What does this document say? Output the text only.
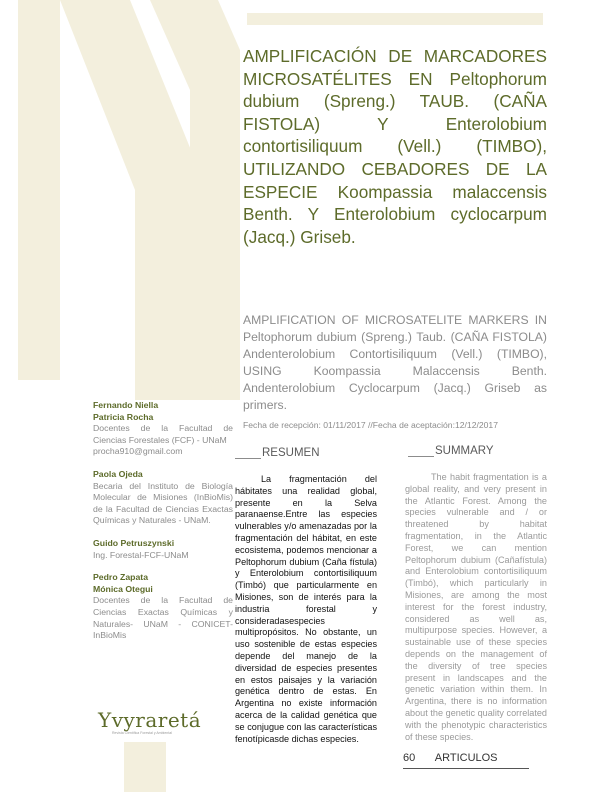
AMPLIFICACIÓN DE MARCADORES MICROSATÉLITES EN Peltophorum dubium (Spreng.) TAUB. (CAÑA FISTOLA) Y Enterolobium contortisiliquum (Vell.) (TIMBO), UTILIZANDO CEBADORES DE LA ESPECIE Koompassia malaccensis Benth. Y Enterolobium cyclocarpum (Jacq.) Griseb.
AMPLIFICATION OF MICROSATELITE MARKERS IN Peltophorum dubium (Spreng.) Taub. (CAÑA FISTOLA) Andenterolobium Contortisiliquum (Vell.) (TIMBO), USING Koompassia Malaccensis Benth. Andenterolobium Cyclocarpum (Jacq.) Griseb as primers.
Fecha de recepción: 01/11/2017 //Fecha de aceptación:12/12/2017
Fernando Niella
Patricia Rocha
Docentes de la Facultad de Ciencias Forestales (FCF) - UNaM
procha910@gmail.com
Paola Ojeda
Becaria del Instituto de Biología Molecular de Misiones (InBioMis) de la Facultad de Ciencias Exactas Químicas y Naturales - UNaM.
Guido Petruszynski
Ing. Forestal-FCF-UNaM
Pedro Zapata
Mónica Otegui
Docentes de la Facultad de Ciencias Exactas Químicas y Naturales- UNaM - CONICET-InBioMis
Yvyraretá
Revista Científica Forestal y Ambiental
RESUMEN
La fragmentación del hábitates una realidad global, presente en la Selva paranaense.Entre las especies vulnerables y/o amenazadas por la fragmentación del hábitat, en este ecosistema, podemos mencionar a Peltophorum dubium (Caña fístula) y Enterolobium contortisiliquum (Timbó) que particularmente en Misiones, son de interés para la industria forestal y consideradasespecies multipropósitos. No obstante, un uso sostenible de estas especies depende del manejo de la diversidad de especies presentes en estos paisajes y la variación genética dentro de estas. En Argentina no existe información acerca de la calidad genética que se conjugue con las características fenotípicasde dichas especies.
SUMMARY
The habit fragmentation is a global reality, and very present in the Atlantic Forest. Among the species vulnerable and / or threatened by habitat fragmentation, in the Atlantic Forest, we can mention Peltophorum dubium (Cañafístula) and Enterolobium contortisiliquum (Timbó), which particularly in Misiones, are among the most interest for the forest industry, considered as well as, multipurpose species. However, a sustainable use of these species depends on the management of the diversity of tree species present in landscapes and the genetic variation within them. In Argentina, there is no information about the genetic quality correlated with the phenotypic characteristics of these species.
60 ARTICULOS
